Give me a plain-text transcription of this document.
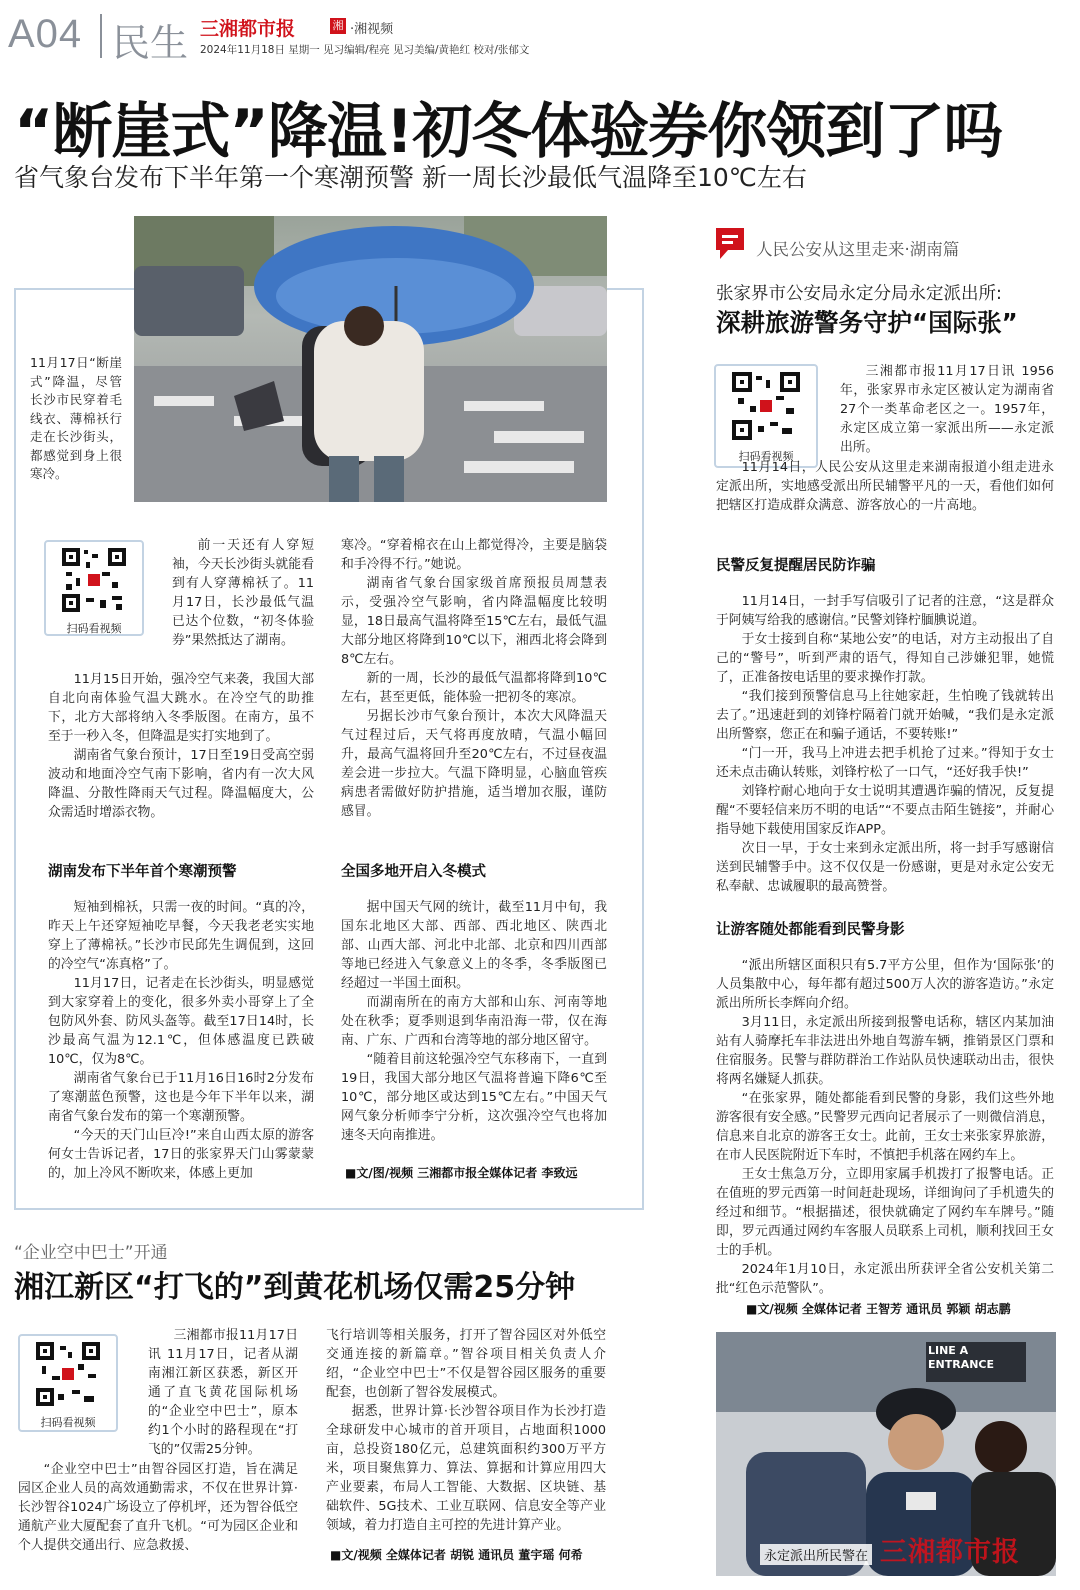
A04 民生 三湘都市报	湘 ·湘视频
2024年11月18日 星期一 见习编辑/程亮 见习美编/黄艳红 校对/张郁文
“断崖式”降温!初冬体验券你领到了吗
省气象台发布下半年第一个寒潮预警 新一周长沙最低气温降至10℃左右
11月17日“断崖式”降温，尽管长沙市民穿着毛线衣、薄棉袄行走在长沙街头，都感觉到身上很寒冷。
扫码看视频

前一天还有人穿短袖，今天长沙街头就能看到有人穿薄棉袄了。11月17日，长沙最低气温已达个位数，“初冬体验券”果然抵达了湖南。

11月15日开始，强冷空气来袭，我国大部自北向南体验气温大跳水。在冷空气的助推下，北方大部将纳入冬季版图。在南方，虽不至于一秒入冬，但降温是实打实地到了。

湖南省气象台预计，17日至19日受高空弱波动和地面冷空气南下影响，省内有一次大风降温、分散性降雨天气过程。降温幅度大，公众需适时增添衣物。

湖南发布下半年首个寒潮预警

短袖到棉袄，只需一夜的时间。“真的冷，昨天上午还穿短袖吃早餐，今天我老老实实地穿上了薄棉袄。”长沙市民邱先生调侃到，这回的冷空气“冻真格”了。

11月17日，记者走在长沙街头，明显感觉到大家穿着上的变化，很多外卖小哥穿上了全包防风外套、防风头盔等。截至17日14时，长沙最高气温为12.1℃，但体感温度已跌破10℃，仅为8℃。

湖南省气象台已于11月16日16时2分发布了寒潮蓝色预警，这也是今年下半年以来，湖南省气象台发布的第一个寒潮预警。

“今天的天门山巨冷!”来自山西太原的游客何女士告诉记者，17日的张家界天门山雾蒙蒙的，加上冷风不断吹来，体感上更加

寒冷。“穿着棉衣在山上都觉得冷，主要是脑袋和手冷得不行。”她说。

湖南省气象台国家级首席预报员周慧表示，受强冷空气影响，省内降温幅度比较明显，18日最高气温将降至15℃左右，最低气温大部分地区将降到10℃以下，湘西北将会降到8℃左右。

新的一周，长沙的最低气温都将降到10℃左右，甚至更低，能体验一把初冬的寒凉。

另据长沙市气象台预计，本次大风降温天气过程过后，天气将再度放晴，气温小幅回升，最高气温将回升至20℃左右，不过昼夜温差会进一步拉大。气温下降明显，心脑血管疾病患者需做好防护措施，适当增加衣服，谨防感冒。

全国多地开启入冬模式

据中国天气网的统计，截至11月中旬，我国东北地区大部、西部、西北地区、陕西北部、山西大部、河北中北部、北京和四川西部等地已经进入气象意义上的冬季，冬季版图已经超过一半国土面积。

而湖南所在的南方大部和山东、河南等地处在秋季；夏季则退到华南沿海一带，仅在海南、广东、广西和台湾等地的部分地区留守。

“随着目前这轮强冷空气东移南下，一直到19日，我国大部分地区气温将普遍下降6℃至10℃，部分地区或达到15℃左右。”中国天气网气象分析师李宁分析，这次强冷空气也将加速冬天向南推进。

■文/图/视频 三湘都市报全媒体记者 李致远
“企业空中巴士”开通
湘江新区“打飞的”到黄花机场仅需25分钟
扫码看视频

三湘都市报11月17日讯 11月17日，记者从湖南湘江新区获悉，新区开通了直飞黄花国际机场的“企业空中巴士”，原本约1个小时的路程现在“打飞的”仅需25分钟。

“企业空中巴士”由智谷园区打造，旨在满足园区企业人员的高效通勤需求，不仅在世界计算·长沙智谷1024广场设立了停机坪，还为智谷低空通航产业大厦配套了直升飞机。“可为园区企业和个人提供交通出行、应急救援、

飞行培训等相关服务，打开了智谷园区对外低空交通连接的新篇章。”智谷项目相关负责人介绍，“企业空中巴士”不仅是智谷园区服务的重要配套，也创新了智谷发展模式。

据悉，世界计算·长沙智谷项目作为长沙打造全球研发中心城市的首开项目，占地面积1000亩，总投资180亿元，总建筑面积约300万平方米，项目聚焦算力、算法、算据和计算应用四大产业要素，布局人工智能、大数据、区块链、基础软件、5G技术、工业互联网、信息安全等产业领域，着力打造自主可控的先进计算产业。

■文/视频 全媒体记者 胡锐 通讯员 董宇瑶 何希
人民公安从这里走来·湖南篇
张家界市公安局永定分局永定派出所:
深耕旅游警务守护“国际张”
扫码看视频

三湘都市报11月17日讯 1956年，张家界市永定区被认定为湖南省27个一类革命老区之一。1957年，永定区成立第一家派出所——永定派出所。

11月14日，人民公安从这里走来湖南报道小组走进永定派出所，实地感受派出所民辅警平凡的一天，看他们如何把辖区打造成群众满意、游客放心的一片高地。

民警反复提醒居民防诈骗

11月14日，一封手写信吸引了记者的注意，“这是群众于阿姨写给我的感谢信。”民警刘锋柠腼腆说道。

于女士接到自称“某地公安”的电话，对方主动报出了自己的“警号”，听到严肃的语气，得知自己涉嫌犯罪，她慌了，正准备按电话里的要求操作打款。

“我们接到预警信息马上往她家赶，生怕晚了钱就转出去了。”迅速赶到的刘锋柠隔着门就开始喊，“我们是永定派出所警察，您正在和骗子通话，不要转账!”

“门一开，我马上冲进去把手机抢了过来。”得知于女士还未点击确认转账，刘锋柠松了一口气，“还好我手快!”

刘锋柠耐心地向于女士说明其遭遇诈骗的情况，反复提醒“不要轻信来历不明的电话”“不要点击陌生链接”，并耐心指导她下载使用国家反诈APP。

次日一早，于女士来到永定派出所，将一封手写感谢信送到民辅警手中。这不仅仅是一份感谢，更是对永定公安无私奉献、忠诚履职的最高赞誉。

让游客随处都能看到民警身影

“派出所辖区面积只有5.7平方公里，但作为‘国际张’的人员集散中心，每年都有超过500万人次的游客造访。”永定派出所所长李辉向介绍。

3月11日，永定派出所接到报警电话称，辖区内某加油站有人骑摩托车非法进出外地自驾游车辆，推销景区门票和住宿服务。民警与群防群治工作站队员快速联动出击，很快将两名嫌疑人抓获。

“在张家界，随处都能看到民警的身影，我们这些外地游客很有安全感。”民警罗元西向记者展示了一则微信消息，信息来自北京的游客王女士。此前，王女士来张家界旅游，在市人民医院附近下车时，不慎把手机落在网约车上。

王女士焦急万分，立即用家属手机拨打了报警电话。正在值班的罗元西第一时间赶赴现场，详细询问了手机遗失的经过和细节。“根据描述，很快就确定了网约车车牌号。”随即，罗元西通过网约车客服人员联系上司机，顺利找回王女士的手机。

2024年1月10日，永定派出所获评全省公安机关第二批“红色示范警队”。

■文/视频 全媒体记者 王智芳 通讯员 郭颖 胡志鹏
LINE A ENTRANCE
永定派出所民警在 三湘都市报
